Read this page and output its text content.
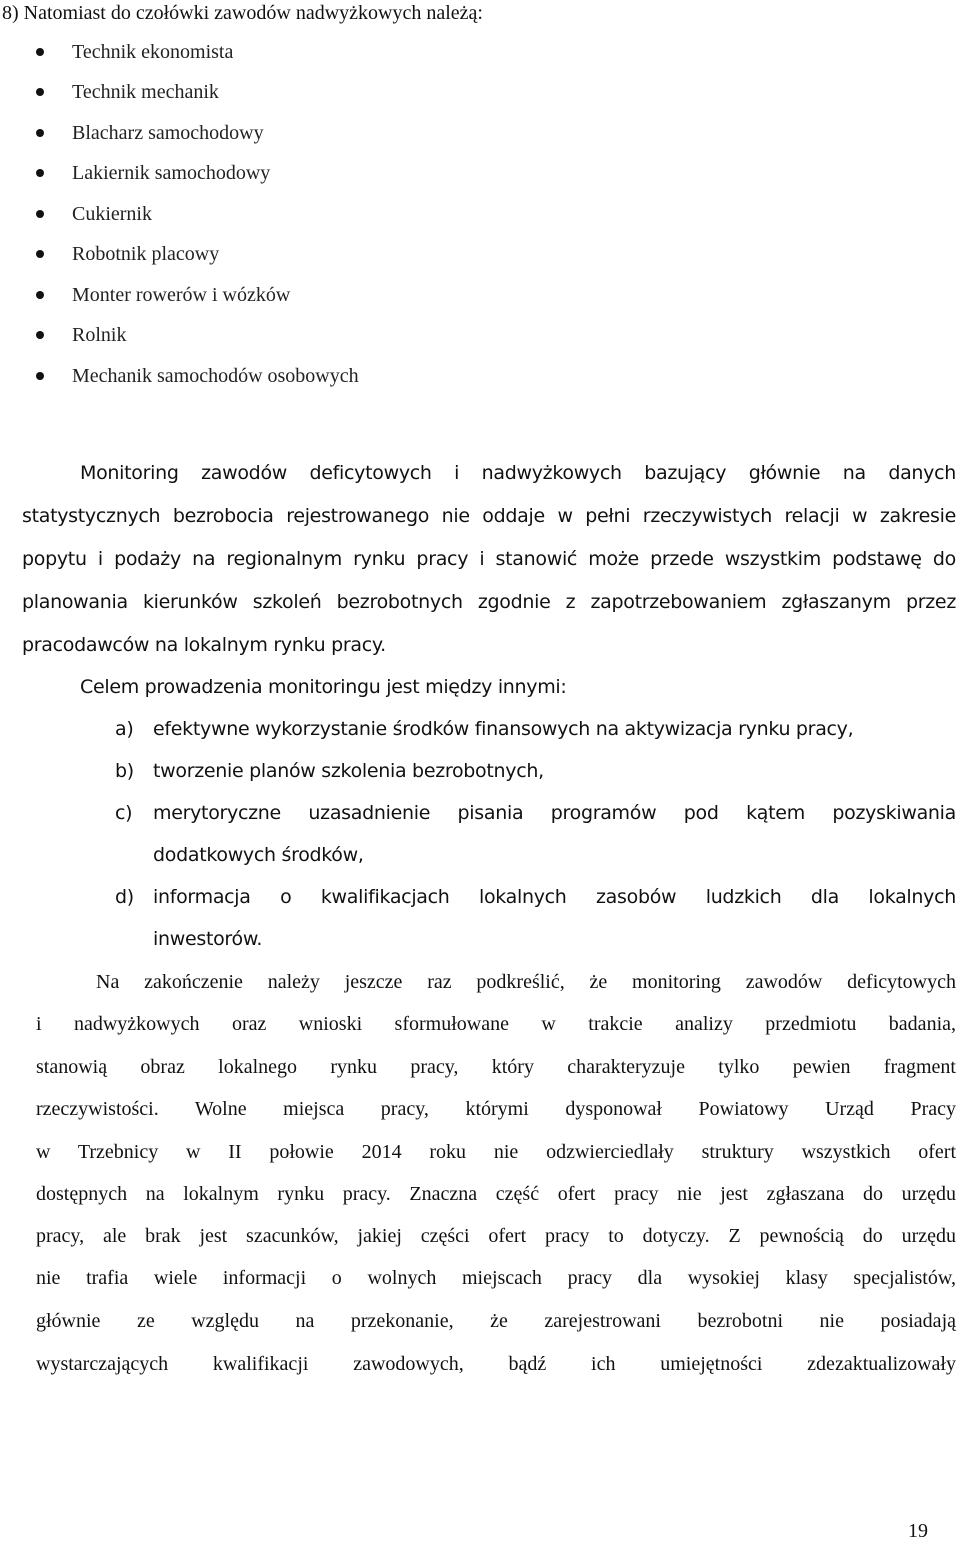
8) Natomiast do czołówki zawodów nadwyżkowych należą:
Technik ekonomista
Technik mechanik
Blacharz samochodowy
Lakiernik samochodowy
Cukiernik
Robotnik placowy
Monter rowerów i wózków
Rolnik
Mechanik samochodów osobowych
Monitoring zawodów deficytowych i nadwyżkowych bazujący głównie na danych
statystycznych bezrobocia rejestrowanego nie oddaje w pełni rzeczywistych relacji w zakresie
popytu i podaży na regionalnym rynku pracy i stanowić może przede wszystkim podstawę do
planowania kierunków szkoleń bezrobotnych zgodnie z zapotrzebowaniem zgłaszanym przez
pracodawców na lokalnym rynku pracy.
Celem prowadzenia monitoringu jest między innymi:
a) efektywne wykorzystanie środków finansowych na aktywizacja rynku pracy,
b) tworzenie planów szkolenia bezrobotnych,
c) merytoryczne uzasadnienie pisania programów pod kątem pozyskiwania
dodatkowych środków,
d) informacja o kwalifikacjach lokalnych zasobów ludzkich dla lokalnych
inwestorów.
Na zakończenie należy jeszcze raz podkreślić, że monitoring zawodów deficytowych
i nadwyżkowych oraz wnioski sformułowane w trakcie analizy przedmiotu badania,
stanowią obraz lokalnego rynku pracy, który charakteryzuje tylko pewien fragment
rzeczywistości. Wolne miejsca pracy, którymi dysponował Powiatowy Urząd Pracy
w Trzebnicy w II połowie 2014 roku nie odzwierciedlały struktury wszystkich ofert
dostępnych na lokalnym rynku pracy. Znaczna część ofert pracy nie jest zgłaszana do urzędu
pracy, ale brak jest szacunków, jakiej części ofert pracy to dotyczy. Z pewnością do urzędu
nie trafia wiele informacji o wolnych miejscach pracy dla wysokiej klasy specjalistów,
głównie ze względu na przekonanie, że zarejestrowani bezrobotni nie posiadają
wystarczających kwalifikacji zawodowych, bądź ich umiejętności zdezaktualizowały
19
